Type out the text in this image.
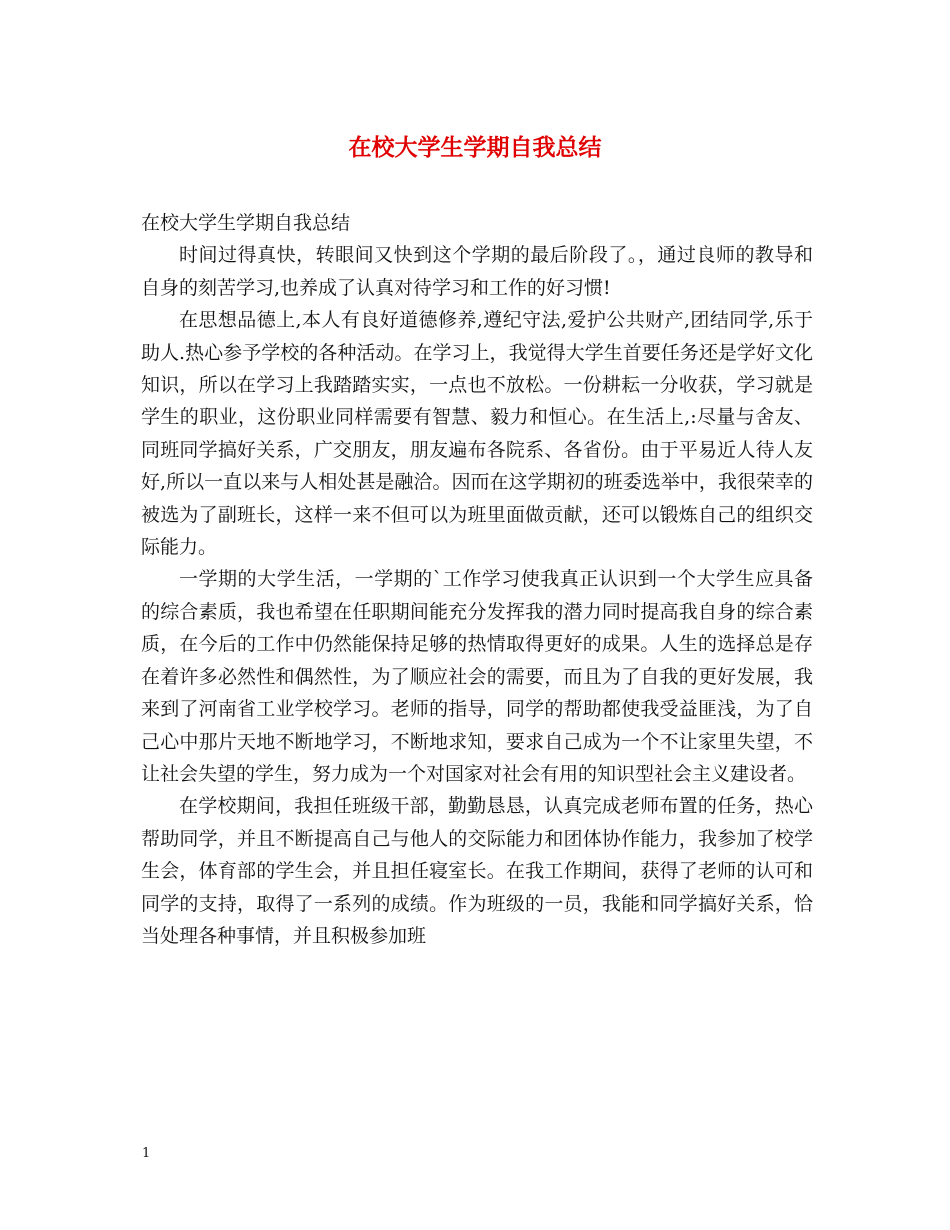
在校大学生学期自我总结

在校大学生学期自我总结

时间过得真快，转眼间又快到这个学期的最后阶段了。，通过良师的教导和自身的刻苦学习,也养成了认真对待学习和工作的好习惯!

在思想品德上,本人有良好道德修养,遵纪守法,爱护公共财产,团结同学,乐于助人.热心参予学校的各种活动。在学习上，我觉得大学生首要任务还是学好文化知识，所以在学习上我踏踏实实，一点也不放松。一份耕耘一分收获，学习就是学生的职业，这份职业同样需要有智慧、毅力和恒心。在生活上,:尽量与舍友、同班同学搞好关系，广交朋友，朋友遍布各院系、各省份。由于平易近人待人友好,所以一直以来与人相处甚是融洽。因而在这学期初的班委选举中，我很荣幸的被选为了副班长，这样一来不但可以为班里面做贡献，还可以锻炼自己的组织交际能力。

一学期的大学生活，一学期的`工作学习使我真正认识到一个大学生应具备的综合素质，我也希望在任职期间能充分发挥我的潜力同时提高我自身的综合素质，在今后的工作中仍然能保持足够的热情取得更好的成果。人生的选择总是存在着许多必然性和偶然性，为了顺应社会的需要，而且为了自我的更好发展，我来到了河南省工业学校学习。老师的指导，同学的帮助都使我受益匪浅，为了自己心中那片天地不断地学习，不断地求知，要求自己成为一个不让家里失望，不让社会失望的学生，努力成为一个对国家对社会有用的知识型社会主义建设者。

在学校期间，我担任班级干部，勤勤恳恳，认真完成老师布置的任务，热心帮助同学，并且不断提高自己与他人的交际能力和团体协作能力，我参加了校学生会，体育部的学生会，并且担任寝室长。在我工作期间，获得了老师的认可和同学的支持，取得了一系列的成绩。作为班级的一员，我能和同学搞好关系，恰当处理各种事情，并且积极参加班

1
